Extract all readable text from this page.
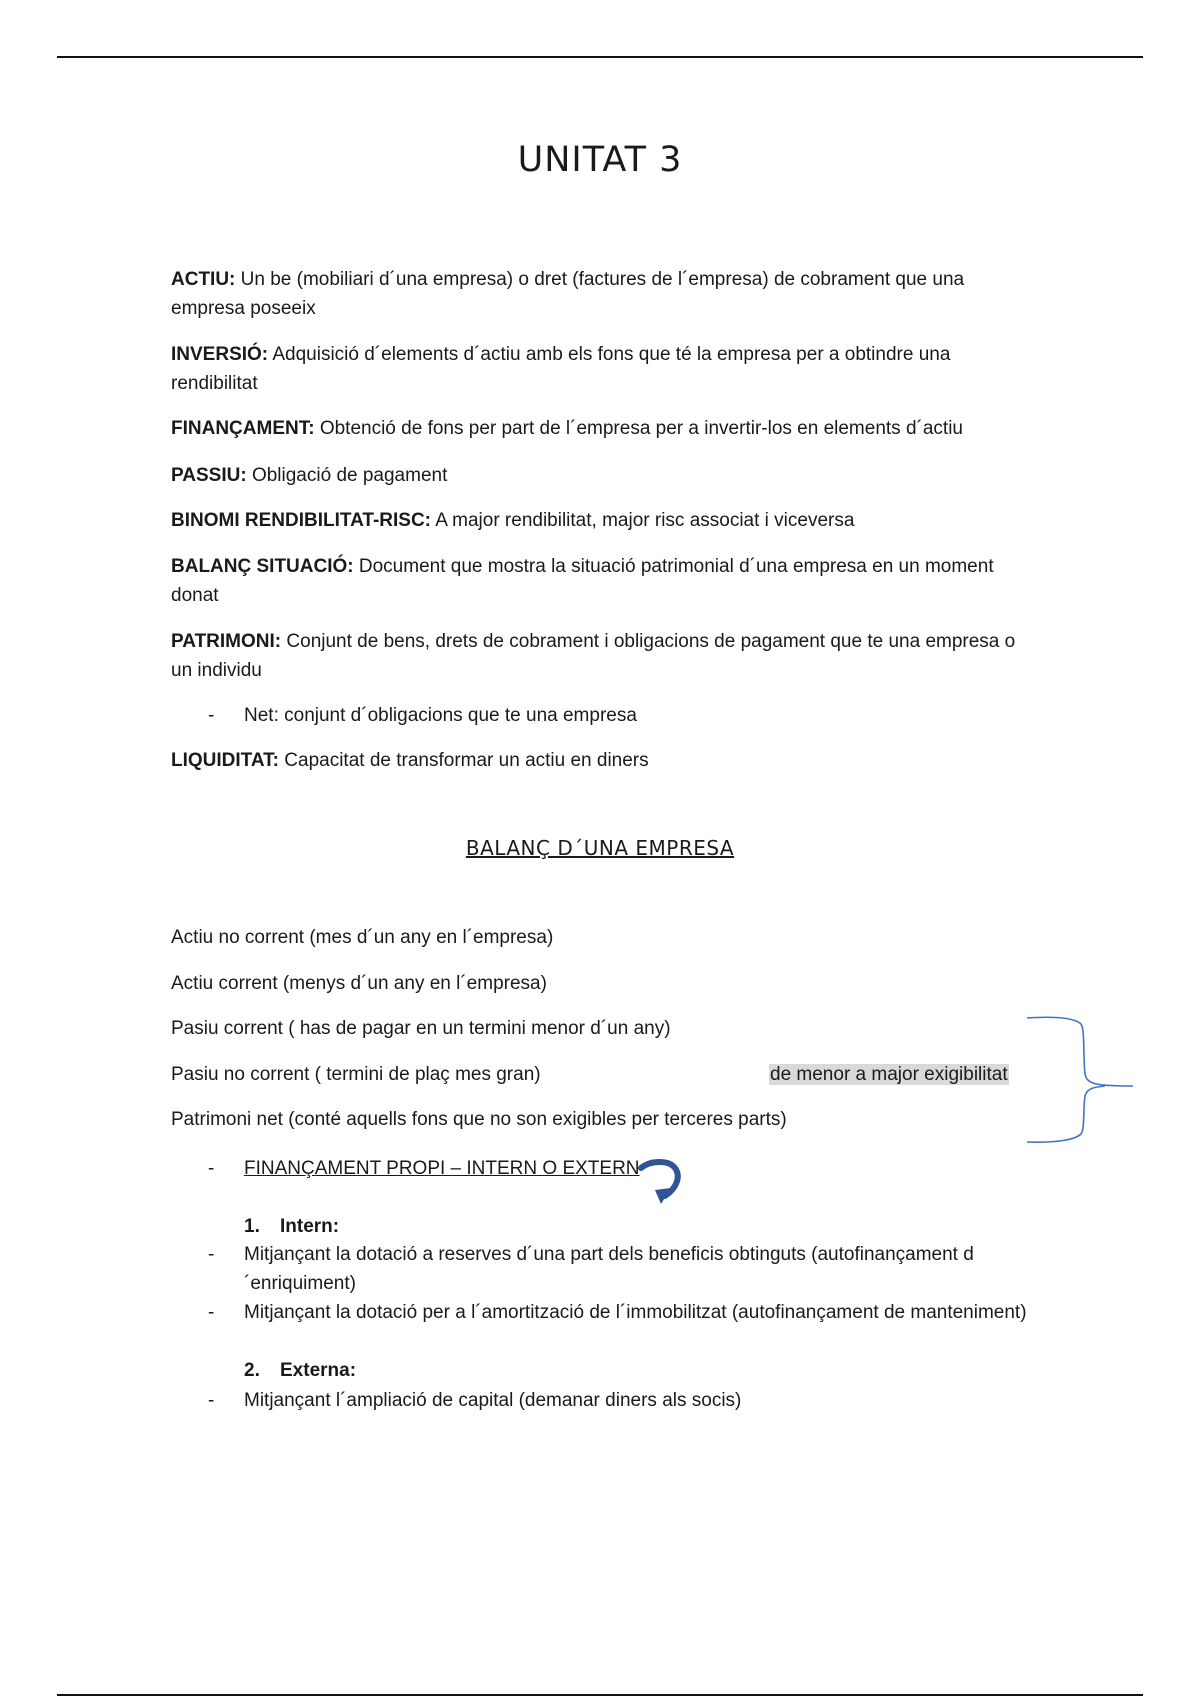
UNITAT 3
ACTIU: Un be (mobiliari d´una empresa) o dret (factures de l´empresa) de cobrament que una empresa poseeix
INVERSIÓ: Adquisició d´elements d´actiu amb els fons que té la empresa per a obtindre una rendibilitat
FINANÇAMENT: Obtenció de fons per part de l´empresa per a invertir-los en elements d´actiu
PASSIU: Obligació de pagament
BINOMI RENDIBILITAT-RISC: A major rendibilitat, major risc associat i viceversa
BALANÇ SITUACIÓ: Document que mostra la situació patrimonial d´una empresa en un moment donat
PATRIMONI: Conjunt de bens, drets de cobrament i obligacions de pagament que te una empresa o un individu
- Net: conjunt d´obligacions que te una empresa
LIQUIDITAT: Capacitat de transformar un actiu en diners
BALANÇ D´UNA EMPRESA
Actiu no corrent (mes d´un any en l´empresa)
Actiu corrent (menys d´un any en l´empresa)
Pasiu corrent ( has de pagar en un termini menor d´un any)
Pasiu no corrent ( termini de plaç mes gran)
Patrimoni net (conté aquells fons que no son exigibles per terceres parts)
de menor a major exigibilitat
- FINANÇAMENT PROPI – INTERN O EXTERN
1. Intern:
- Mitjançant la dotació a reserves d´una part dels beneficis obtinguts (autofinançament d´enriquiment)
- Mitjançant la dotació per a l´amortització de l´immobilitzat (autofinançament de manteniment)
2. Externa:
- Mitjançant l´ampliació de capital (demanar diners als socis)
